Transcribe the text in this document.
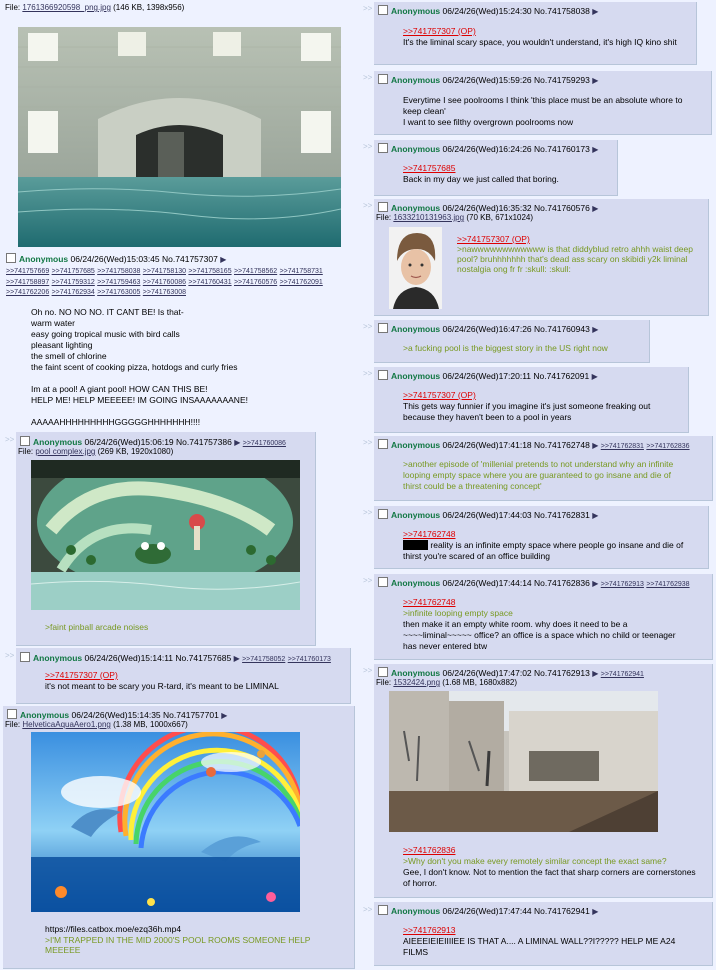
File: 1761366920598_png.jpg (146 KB, 1398x956)
Anonymous 06/24/26(Wed)15:03:45 No.741757307 ▶
>>741757669 >>741757685 >>741758038 >>741758130 >>741758165 >>741758562 >>741758731 >>741758897 >>741759312 >>741759463 >>741760086 >>741760431 >>741760576 >>741762091 >>741762206 >>741762934 >>741763005 >>741763008
Oh no. NO NO NO. IT CANT BE! Is that-
warm water
easy going tropical music with bird calls
pleasant lighting
the smell of chlorine
the faint scent of cooking pizza, hotdogs and curly fries
Im at a pool! A giant pool! HOW CAN THIS BE!
HELP ME! HELP MEEEEE! IM GOING INSAAAAAAANE!
AAAAAHHHHHHHHHGGGGGHHHHHHH!!!!
>>	Anonymous 06/24/26(Wed)15:06:19 No.741757386 ▶ >>741760086
File: pool complex.jpg (269 KB, 1920x1080)
>faint pinball arcade noises
>>	Anonymous 06/24/26(Wed)15:14:11 No.741757685 ▶ >>741758052 >>741760173
>>741757307 (OP)
it's not meant to be scary you R-tard, it's meant to be LIMINAL
Anonymous 06/24/26(Wed)15:14:35 No.741757701 ▶
File: HelveticaAquaAero1.png (1.38 MB, 1000x667)
https://files.catbox.moe/ezq36h.mp4
>I'M TRAPPED IN THE MID 2000'S POOL ROOMS SOMEONE HELP MEEEEE
>>	Anonymous 06/24/26(Wed)15:24:30 No.741758038 ▶
>>741757307 (OP)
It's the liminal scary space, you wouldn't understand, it's high IQ kino shit
>>	Anonymous 06/24/26(Wed)15:59:26 No.741759293 ▶
Everytime I see poolrooms I think 'this place must be an absolute whore to keep clean'
I want to see filthy overgrown poolrooms now
>>	Anonymous 06/24/26(Wed)16:24:26 No.741760173 ▶
>>741757685
Back in my day we just called that boring.
>>	Anonymous 06/24/26(Wed)16:35:32 No.741760576 ▶
File: 1633210131963.jpg (70 KB, 671x1024)
>>741757307 (OP)
>nawwwwwwwwwwww is that diddyblud retro ahhh waist deep pool? bruhhhhhhh that's dead ass scary on skibidi y2k liminal nostalgia ong fr fr :skull: :skull:
>>	Anonymous 06/24/26(Wed)16:47:26 No.741760943 ▶
>a fucking pool is the biggest story in the US right now
>>	Anonymous 06/24/26(Wed)17:20:11 No.741762091 ▶
>>741757307 (OP)
This gets way funnier if you imagine it's just someone freaking out because they haven't been to a pool in years
>>	Anonymous 06/24/26(Wed)17:41:18 No.741762748 ▶ >>741762831 >>741762836
>another episode of 'millenial pretends to not understand why an infinite looping empty space where you are guaranteed to go insane and die of thirst could be a threatening concept'
>>	Anonymous 06/24/26(Wed)17:44:03 No.741762831 ▶
>>741762748
spoiler reality is an infinite empty space where people go insane and die of thirst you're scared of an office building
>>	Anonymous 06/24/26(Wed)17:44:14 No.741762836 ▶ >>741762913 >>741762938
>>741762748
>infinite looping empty space
then make it an empty white room. why does it need to be a ~~~~liminal~~~~~ office? an office is a space which no child or teenager has never entered btw
>>	Anonymous 06/24/26(Wed)17:47:02 No.741762913 ▶ >>741762941
File: 1532424.png (1.68 MB, 1680x882)
>>741762836
>Why don't you make every remotely similar concept the exact same?
Gee, I don't know. Not to mention the fact that sharp corners are cornerstones of horror.
>>	Anonymous 06/24/26(Wed)17:47:44 No.741762941 ▶
>>741762913
AIEEEIEIEIIIIEE IS THAT A.... A LIMINAL WALL??I????? HELP ME A24 FILMS
